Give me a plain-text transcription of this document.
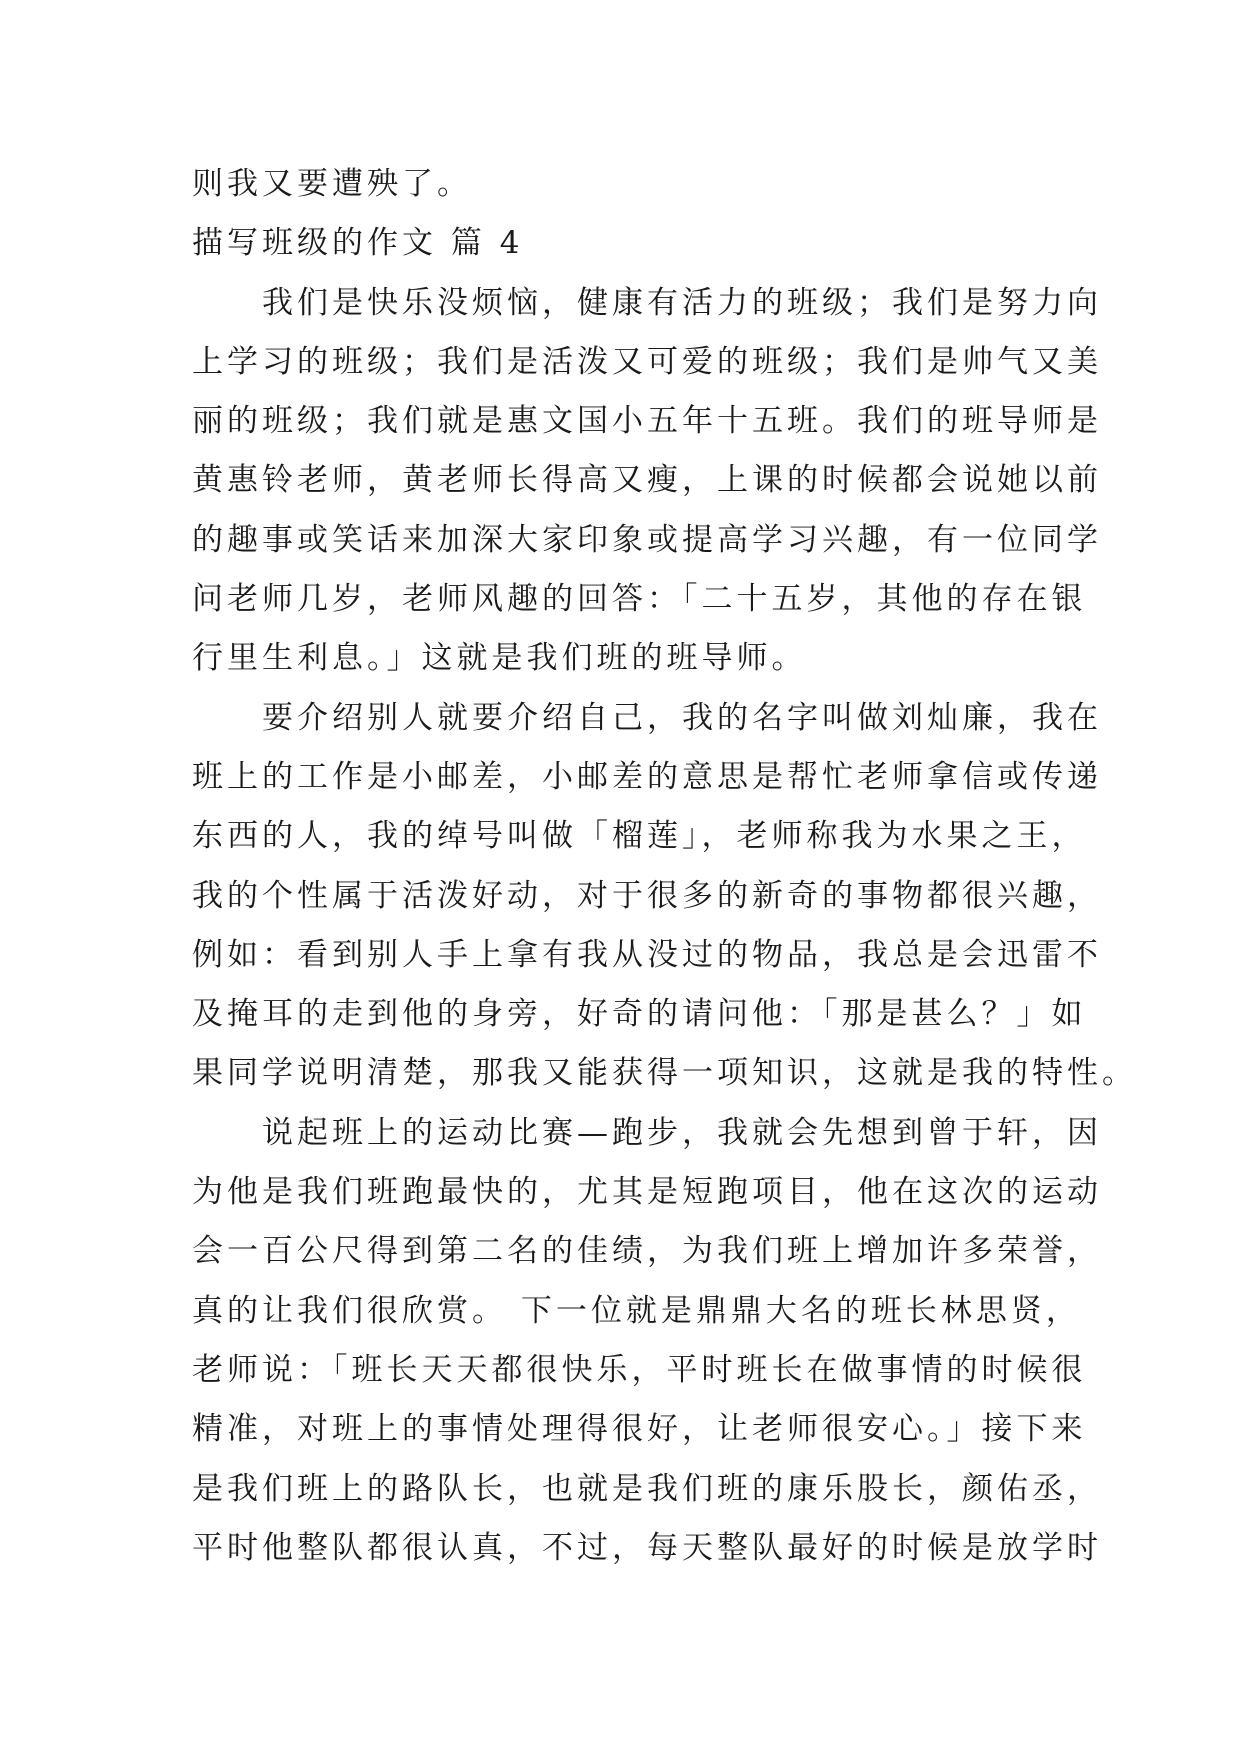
则我又要遭殃了。
描写班级的作文 篇 4
　　我们是快乐没烦恼，健康有活力的班级；我们是努力向
上学习的班级；我们是活泼又可爱的班级；我们是帅气又美
丽的班级；我们就是惠文国小五年十五班。我们的班导师是
黄惠铃老师，黄老师长得高又瘦，上课的时候都会说她以前
的趣事或笑话来加深大家印象或提高学习兴趣，有一位同学
问老师几岁，老师风趣的回答：「二十五岁，其他的存在银
行里生利息。」这就是我们班的班导师。
　　要介绍别人就要介绍自己，我的名字叫做刘灿廉，我在
班上的工作是小邮差，小邮差的意思是帮忙老师拿信或传递
东西的人，我的绰号叫做「榴莲」，老师称我为水果之王，
我的个性属于活泼好动，对于很多的新奇的事物都很兴趣，
例如：看到别人手上拿有我从没过的物品，我总是会迅雷不
及掩耳的走到他的身旁，好奇的请问他：「那是甚么？」如
果同学说明清楚，那我又能获得一项知识，这就是我的特性。
　　说起班上的运动比赛—跑步，我就会先想到曾于轩，因
为他是我们班跑最快的，尤其是短跑项目，他在这次的运动
会一百公尺得到第二名的佳绩，为我们班上增加许多荣誉，
真的让我们很欣赏。 下一位就是鼎鼎大名的班长林思贤，
老师说：「班长天天都很快乐，平时班长在做事情的时候很
精准，对班上的事情处理得很好，让老师很安心。」接下来
是我们班上的路队长，也就是我们班的康乐股长，颜佑丞，
平时他整队都很认真，不过，每天整队最好的时候是放学时
